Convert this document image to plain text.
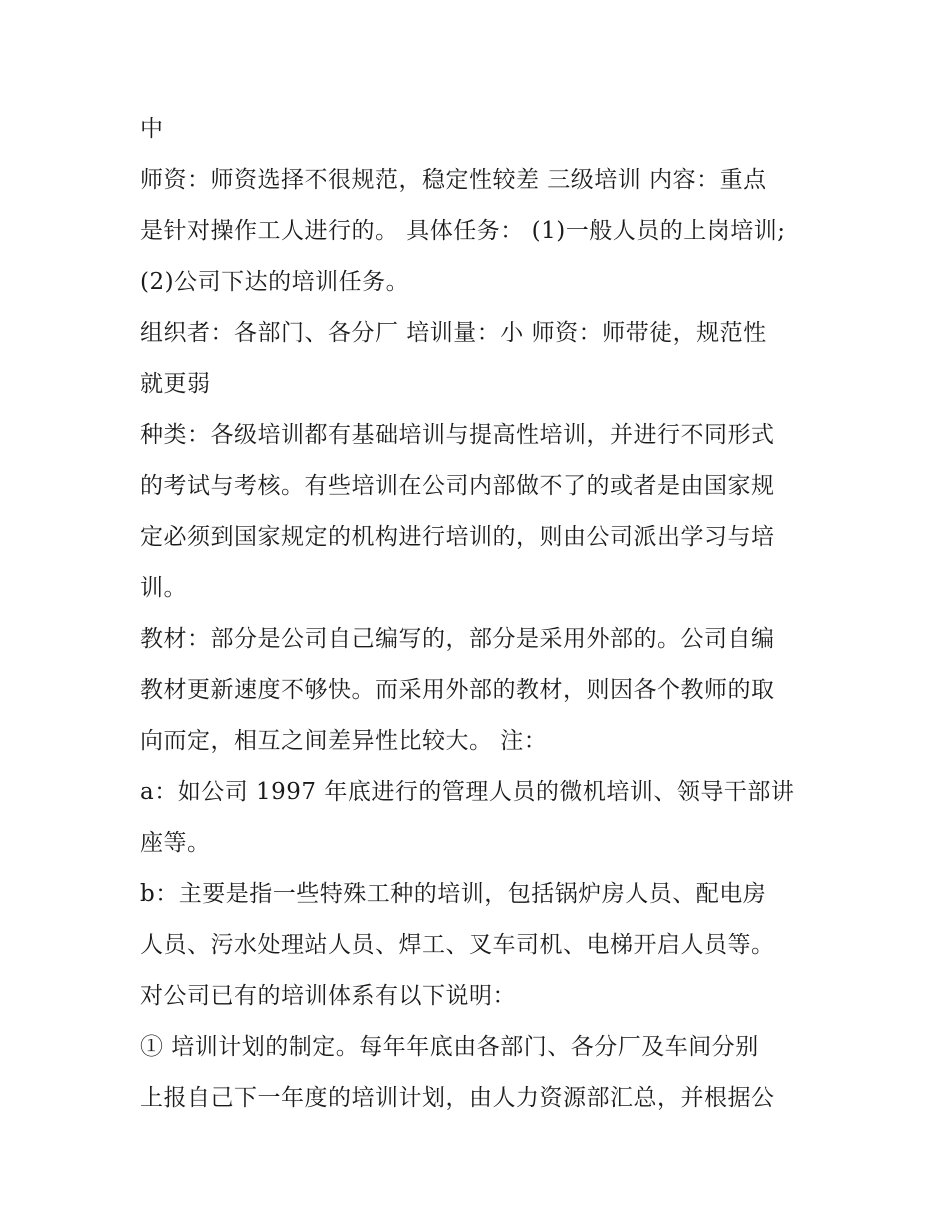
中
师资：师资选择不很规范，稳定性较差 三级培训 内容：重点
是针对操作工人进行的。 具体任务： (1)一般人员的上岗培训;
(2)公司下达的培训任务。
组织者：各部门、各分厂 培训量：小 师资：师带徒，规范性
就更弱
种类：各级培训都有基础培训与提高性培训，并进行不同形式
的考试与考核。有些培训在公司内部做不了的或者是由国家规
定必须到国家规定的机构进行培训的，则由公司派出学习与培
训。
教材：部分是公司自己编写的，部分是采用外部的。公司自编
教材更新速度不够快。而采用外部的教材，则因各个教师的取
向而定，相互之间差异性比较大。 注：
a：如公司 1997 年底进行的管理人员的微机培训、领导干部讲
座等。
b：主要是指一些特殊工种的培训，包括锅炉房人员、配电房
人员、污水处理站人员、焊工、叉车司机、电梯开启人员等。
对公司已有的培训体系有以下说明：
① 培训计划的制定。每年年底由各部门、各分厂及车间分别
上报自己下一年度的培训计划，由人力资源部汇总，并根据公
